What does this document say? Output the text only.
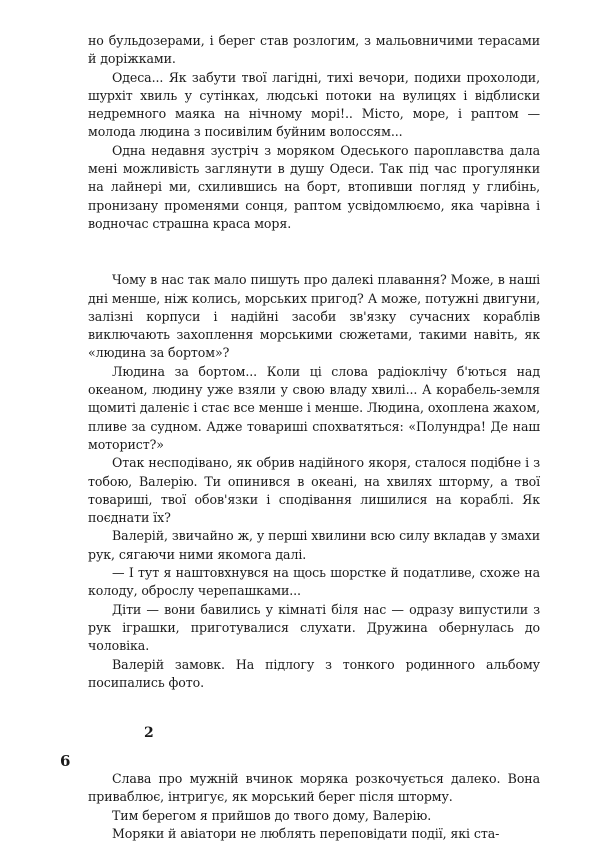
но бульдозерами, і берег став розлогим, з мальовничими терасами й доріжками.

Одеса... Як забути твої лагідні, тихі вечори, подихи прохолоди, шурхіт хвиль у сутінках, людські потоки на вулицях і відблиски недремного маяка на нічному морі!.. Місто, море, і раптом — молода людина з посивілим буйним волоссям...

Одна недавня зустріч з моряком Одеського пароплавства дала мені можливість заглянути в душу Одеси. Так під час прогулянки на лайнері ми, схилившись на борт, втопивши погляд у глибінь, пронизану променями сонця, раптом усвідомлюємо, яка чарівна і водночас страшна краса моря.

Чому в нас так мало пишуть про далекі плавання? Може, в наші дні менше, ніж колись, морських пригод? А може, потужні двигуни, залізні корпуси і надійні засоби зв'язку сучасних кораблів виключають захоплення морськими сюжетами, такими навіть, як «людина за бортом»?

Людина за бортом... Коли ці слова радіоклічу б'ються над океаном, людину уже взяли у свою владу хвилі... А корабель-земля щомиті даленіє і стає все менше і менше. Людина, охоплена жахом, пливе за судном. Адже товариші спохватяться: «Полундра! Де наш моторист?»

Отак несподівано, як обрив надійного якоря, сталося подібне і з тобою, Валерію. Ти опинився в океані, на хвилях шторму, а твої товариші, твої обов'язки і сподівання лишилися на кораблі. Як поєднати їх?

Валерій, звичайно ж, у перші хвилини всю силу вкладав у змахи рук, сягаючи ними якомога далі.

— І тут я наштовхнувся на щось шорстке й податливе, схоже на колоду, оброслу черепашками...

Діти — вони бавились у кімнаті біля нас — одразу випустили з рук іграшки, приготувалися слухати. Дружина обернулась до чоловіка.

Валерій замовк. На підлогу з тонкого родинного альбому посипались фото.

2

Слава про мужній вчинок моряка розкочується далеко. Вона приваблює, інтригує, як морський берег після шторму.

Тим берегом я прийшов до твого дому, Валерію.

Моряки й авіатори не люблять переповідати події, які ста-

6
